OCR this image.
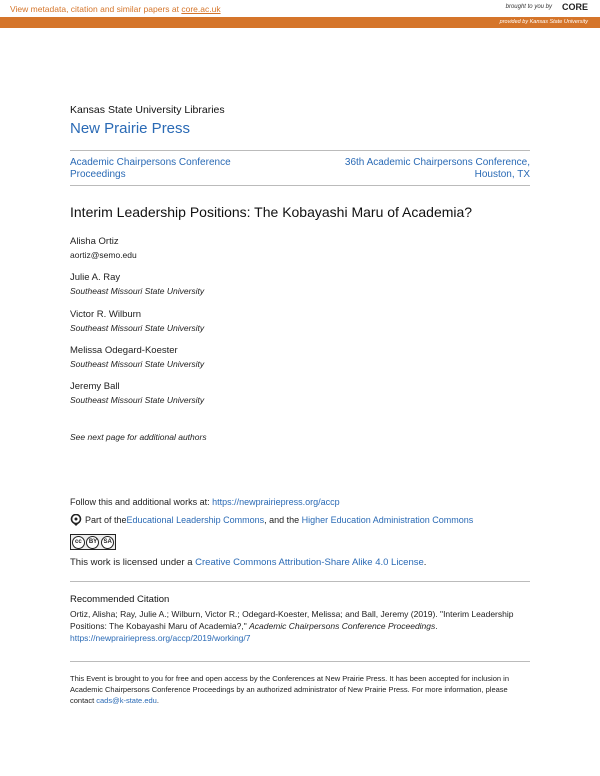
View metadata, citation and similar papers at core.ac.uk	brought to you by CORE
provided by Kansas State University
Kansas State University Libraries
New Prairie Press
Academic Chairpersons Conference Proceedings
36th Academic Chairpersons Conference, Houston, TX
Interim Leadership Positions: The Kobayashi Maru of Academia?
Alisha Ortiz
aortiz@semo.edu
Julie A. Ray
Southeast Missouri State University
Victor R. Wilburn
Southeast Missouri State University
Melissa Odegard-Koester
Southeast Missouri State University
Jeremy Ball
Southeast Missouri State University
See next page for additional authors
Follow this and additional works at: https://newprairiepress.org/accp
Part of the Educational Leadership Commons , and the Higher Education Administration Commons
cc	BY	SA
This work is licensed under a Creative Commons Attribution-Share Alike 4.0 License.
Recommended Citation
Ortiz, Alisha; Ray, Julie A.; Wilburn, Victor R.; Odegard-Koester, Melissa; and Ball, Jeremy (2019). "Interim Leadership Positions: The Kobayashi Maru of Academia?," Academic Chairpersons Conference Proceedings. https://newprairiepress.org/accp/2019/working/7
This Event is brought to you for free and open access by the Conferences at New Prairie Press. It has been accepted for inclusion in Academic Chairpersons Conference Proceedings by an authorized administrator of New Prairie Press. For more information, please contact cads@k-state.edu.
